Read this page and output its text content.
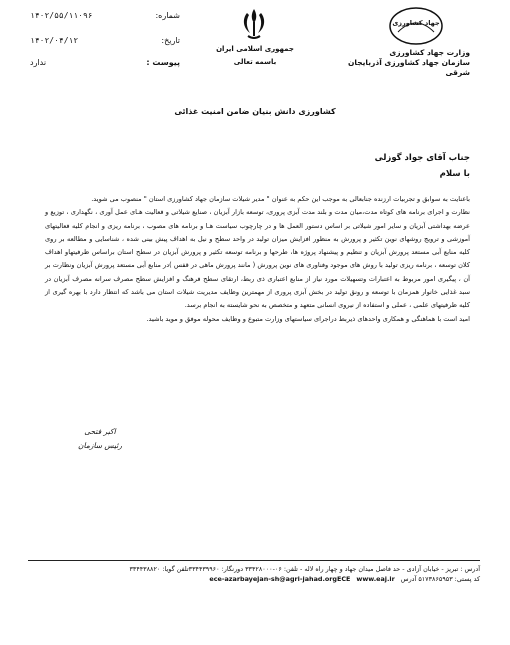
شماره:
۱۴۰۲/۵۵/۱۱۰۹۶
تاریخ:
۱۴۰۲/۰۴/۱۲
پیوست :
ندارد
جمهوری اسلامی ایران
باسمه تعالی
جهاد کشاورزی
وزارت جهاد کشاورزی
سازمان جهاد کشاورزی آذربایجان شرقی
کشاورزی دانش بنیان ضامن امنیت غذائی
جناب آقای جواد گوزلی
با سلام
باعنایت به سوابق و تجربیات ارزنده جنابعالی به موجب این حکم به عنوان " مدیر شیلات سازمان جهاد کشاورزی استان " منصوب می شوید.
نظارت و اجرای برنامه های کوتاه مدت،میان مدت و بلند مدت آبزی پروری، توسعه بازار آبزیان ، صنایع شیلاتی و فعالیت هـای عمل آوری ، نگهداری ، توزیع و عرضه بهداشتی آبزیان و سایر امور شیلاتی بر اساس دستور العمل ها و در چارچوب سیاست هـا و برنامه های مصوب ، برنامه ریزی و انجام کلیه فعالیتهای آموزشی و ترویج روشهای نوین تکثیر و پرورش به منظور افزایش میزان تولید در واحد سطح و نیل به اهداف پیش بینی شده ، شناسایی و مطالعه بر روی کلیه منابع آبی مستعد پرورش آبزیان و تنظیم و پیشنهاد پروژه ها، طرحها و برنامه توسعه تکثیر و پرورش آبزیان در سطح استان براساس ظرفیتهاو اهداف کلان توسعه ، برنامه ریزی تولید با روش های موجود وفناوری های نوین پرورش ( مانند پرورش ماهی در قفس )در منابع آبی مستعد پرورش آبزیان ونظارت بر آن ، پیگیری امور مربوط به اعتبارات وتسهیلات مورد نیاز از منابع اعتباری ذی ربط، ارتقای سطح فرهنگ و افزایش سطح مصرف سرانه مصرف آبزیان در سبد غذایی خانوار همزمان با توسعه و رونق تولید در بخش آبزی پروری از مهمترین وظایف مدیریت شیلات استان می باشد که انتظار دارد با بهره گیری از کلیه ظرفیتهای علمی ، عملی و استفاده از نیروی انسانی متعهد و متخصص به نحو شایسته به انجام برسد.
امید است با هماهنگی و همکاری واحدهای ذیربط دراجرای سیاستهای وزارت متبوع و وظایف محوله موفق و موید باشید.
اکبر فتحی
رئیس سازمان
آدرس : تبریز - خیابان آزادی - حد فاصل میدان جهاد و چهار راه لاله - تلفن: ۰۶-۳۳۴۲۸۰۰۰ دورنگار: ۳۳۴۴۳۹۹۶۰تلفن گویا: ۳۳۴۴۳۸۸۲۰
کد پستی: ۵۱۷۳۸۶۵۹۵۳ آدرس
www.eaj.ir
ece-azarbayejan-sh@agri-jahad.orgECE
